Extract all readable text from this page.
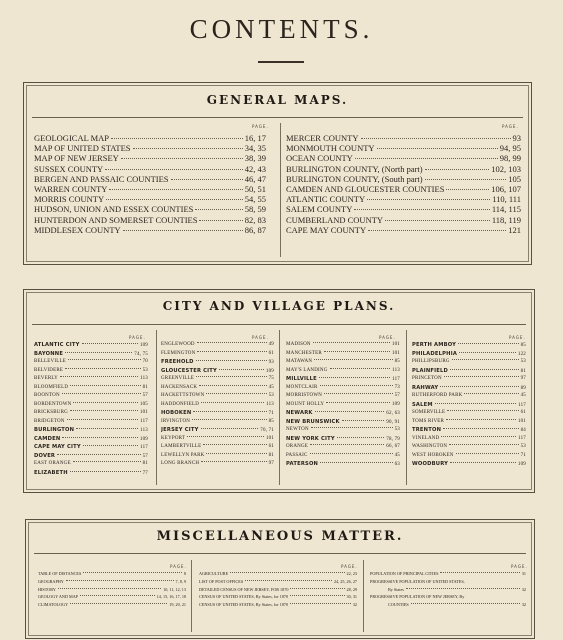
CONTENTS.
GENERAL MAPS.
PAGE.	PAGE.
GEOLOGICAL MAP	16, 17
MAP OF UNITED STATES	34, 35
MAP OF NEW JERSEY	38, 39
SUSSEX COUNTY	42, 43
BERGEN AND PASSAIC COUNTIES	46, 47
WARREN COUNTY	50, 51
MORRIS COUNTY	54, 55
HUDSON, UNION AND ESSEX COUNTIES	58, 59
HUNTERDON AND SOMERSET COUNTIES	82, 83
MIDDLESEX COUNTY	86, 87
MERCER COUNTY	93
MONMOUTH COUNTY	94, 95
OCEAN COUNTY	98, 99
BURLINGTON COUNTY, (North part)	102, 103
BURLINGTON COUNTY, (South part)	105
CAMDEN AND GLOUCESTER COUNTIES	106, 107
ATLANTIC COUNTY	110, 111
SALEM COUNTY	114, 115
CUMBERLAND COUNTY	118, 119
CAPE MAY COUNTY	121
CITY AND VILLAGE PLANS.
PAGE.	PAGE.	PAGE.	PAGE.
ATLANTIC CITY	109
BAYONNE	74, 75
BELLEVILLE	70
BELVIDERE	53
BEVERLY	113
BLOOMFIELD	81
BOONTON	57
BORDENTOWN	105
BRICKSBURG	101
BRIDGETON	117
BURLINGTON	113
CAMDEN	109
CAPE MAY CITY	117
DOVER	57
EAST ORANGE	81
ELIZABETH	77
ENGLEWOOD	49
FLEMINGTON	61
FREEHOLD	93
GLOUCESTER CITY	109
GREENVILLE	75
HACKENSACK	45
HACKETTSTOWN	53
HADDONFIELD	113
HOBOKEN	71
IRVINGTON	85
JERSEY CITY	70, 71
KEYPORT	101
LAMBERTVILLE	61
LEWELLYN PARK	81
LONG BRANCH	97
MADISON	101
MANCHESTER	101
MATAWAN	85
MAY'S LANDING	113
MILLVILLE	117
MONTCLAIR	73
MORRISTOWN	57
MOUNT HOLLY	109
NEWARK	62, 63
NEW BRUNSWICK	90, 91
NEWTON	53
NEW YORK CITY	78, 79
ORANGE	66, 67
PASSAIC	45
PATERSON	63
PERTH AMBOY	85
PHILADELPHIA	122
PHILLIPSBURG	53
PLAINFIELD	81
PRINCETON	97
RAHWAY	89
RUTHERFORD PARK	45
SALEM	117
SOMERVILLE	61
TOMS RIVER	101
TRENTON	84
VINELAND	117
WASHINGTON	53
WEST HOBOKEN	71
WOODBURY	109
MISCELLANEOUS MATTER.
PAGE.	PAGE.	PAGE.
TABLE OF DISTANCES	8
GEOGRAPHY	7, 8, 9
HISTORY	10, 11, 12, 13
GEOLOGY AND MAP	14, 15, 16, 17, 18
CLIMATOLOGY	19, 20, 21
AGRICULTURE	22, 23
LIST OF POST OFFICES	24, 25, 26, 27
DETAILED CENSUS OF NEW JERSEY, FOR 1870	28, 29
CENSUS OF UNITED STATES, By States, for 1870	30, 31
CENSUS OF UNITED STATES, By States, for 1870	32
POPULATION OF PRINCIPAL CITIES	31
PROGRESSIVE POPULATION OF UNITED STATES,
By States	32
PROGRESSIVE POPULATION OF NEW JERSEY, By
COUNTIES	32
